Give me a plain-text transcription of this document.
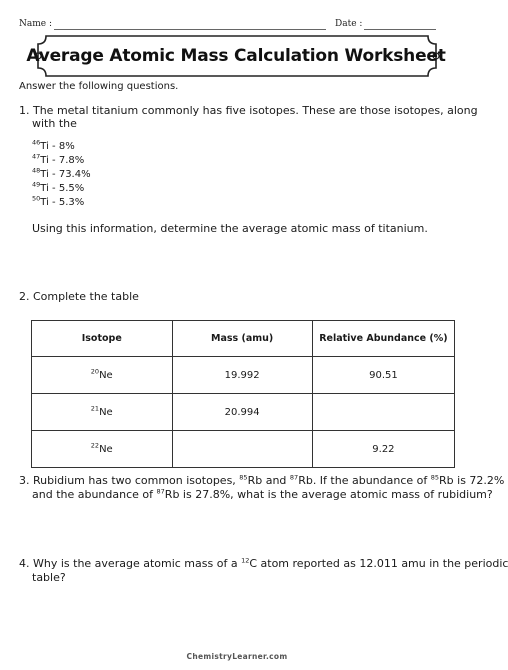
Name :	Date :
Average Atomic Mass Calculation Worksheet
Answer the following questions.
1. The metal titanium commonly has five isotopes. These are those isotopes, along
with the
$^{46}$Ti - 8%
$^{47}$Ti - 7.8%
$^{48}$Ti - 73.4%
$^{49}$Ti - 5.5%
$^{50}$Ti - 5.3%
Using this information, determine the average atomic mass of titanium.
2. Complete the table
Isotope	Mass (amu)	Relative Abundance (%)
$^{20}$Ne	19.992	90.51
$^{21}$Ne	20.994	
$^{22}$Ne		9.22
3. Rubidium has two common isotopes, $^{85}$Rb and $^{87}$Rb. If the abundance of $^{85}$Rb is 72.2%
and the abundance of $^{87}$Rb is 27.8%, what is the average atomic mass of rubidium?
4. Why is the average atomic mass of a $^{12}$C atom reported as 12.011 amu in the periodic
table?
ChemistryLearner.com
